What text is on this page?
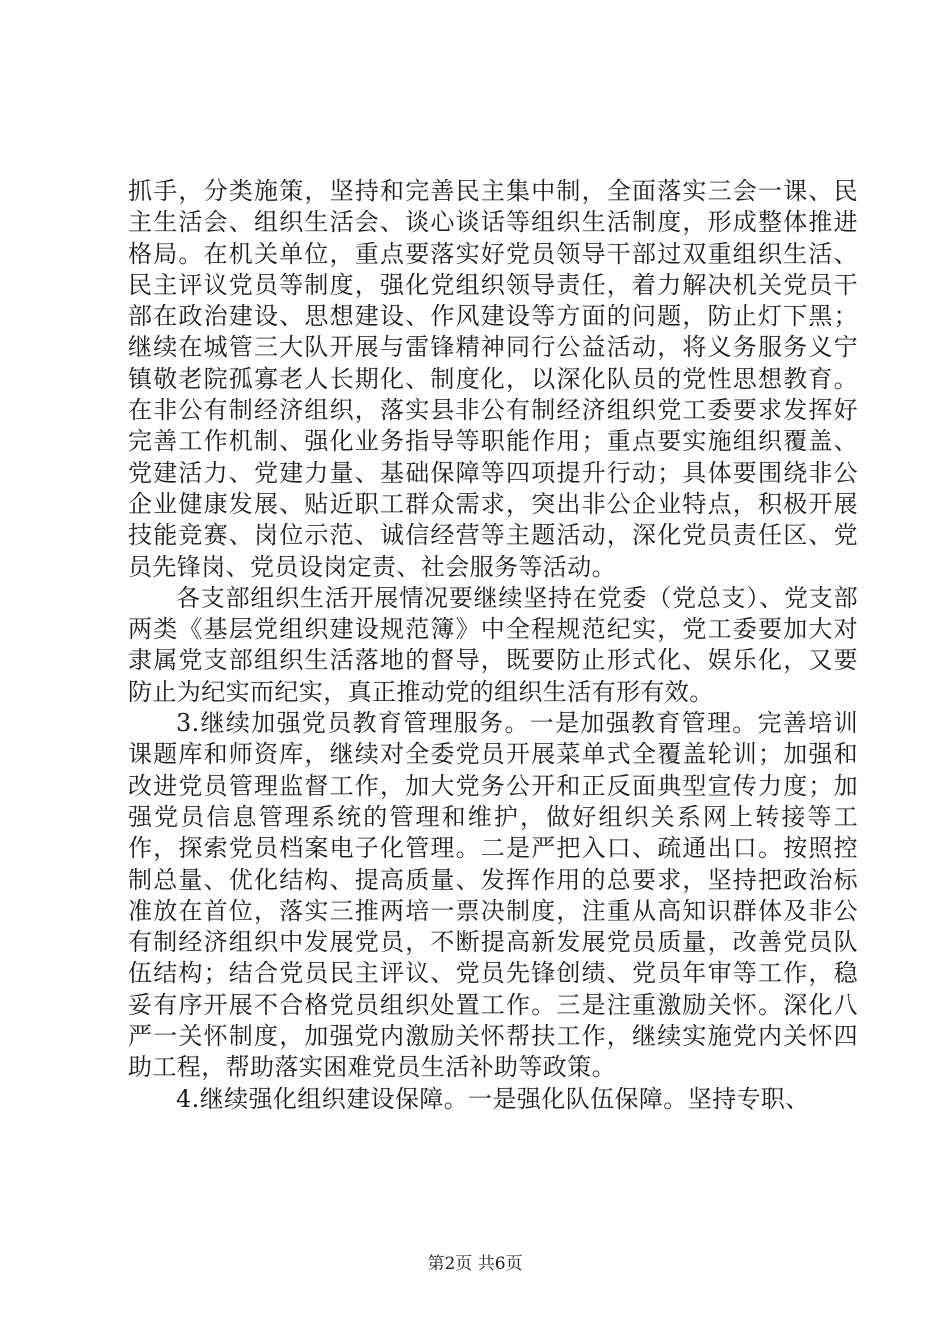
抓手，分类施策，坚持和完善民主集中制，全面落实三会一课、民主生活会、组织生活会、谈心谈话等组织生活制度，形成整体推进格局。在机关单位，重点要落实好党员领导干部过双重组织生活、民主评议党员等制度，强化党组织领导责任，着力解决机关党员干部在政治建设、思想建设、作风建设等方面的问题，防止灯下黑；继续在城管三大队开展与雷锋精神同行公益活动，将义务服务义宁镇敬老院孤寡老人长期化、制度化，以深化队员的党性思想教育。在非公有制经济组织，落实县非公有制经济组织党工委要求发挥好完善工作机制、强化业务指导等职能作用；重点要实施组织覆盖、党建活力、党建力量、基础保障等四项提升行动；具体要围绕非公企业健康发展、贴近职工群众需求，突出非公企业特点，积极开展技能竞赛、岗位示范、诚信经营等主题活动，深化党员责任区、党员先锋岗、党员设岗定责、社会服务等活动。

各支部组织生活开展情况要继续坚持在党委（党总支）、党支部两类《基层党组织建设规范簿》中全程规范纪实，党工委要加大对隶属党支部组织生活落地的督导，既要防止形式化、娱乐化，又要防止为纪实而纪实，真正推动党的组织生活有形有效。

3.继续加强党员教育管理服务。一是加强教育管理。完善培训课题库和师资库，继续对全委党员开展菜单式全覆盖轮训；加强和改进党员管理监督工作，加大党务公开和正反面典型宣传力度；加强党员信息管理系统的管理和维护，做好组织关系网上转接等工作，探索党员档案电子化管理。二是严把入口、疏通出口。按照控制总量、优化结构、提高质量、发挥作用的总要求，坚持把政治标准放在首位，落实三推两培一票决制度，注重从高知识群体及非公有制经济组织中发展党员，不断提高新发展党员质量，改善党员队伍结构；结合党员民主评议、党员先锋创绩、党员年审等工作，稳妥有序开展不合格党员组织处置工作。三是注重激励关怀。深化八严一关怀制度，加强党内激励关怀帮扶工作，继续实施党内关怀四助工程，帮助落实困难党员生活补助等政策。

4.继续强化组织建设保障。一是强化队伍保障。坚持专职、

第2页 共6页
